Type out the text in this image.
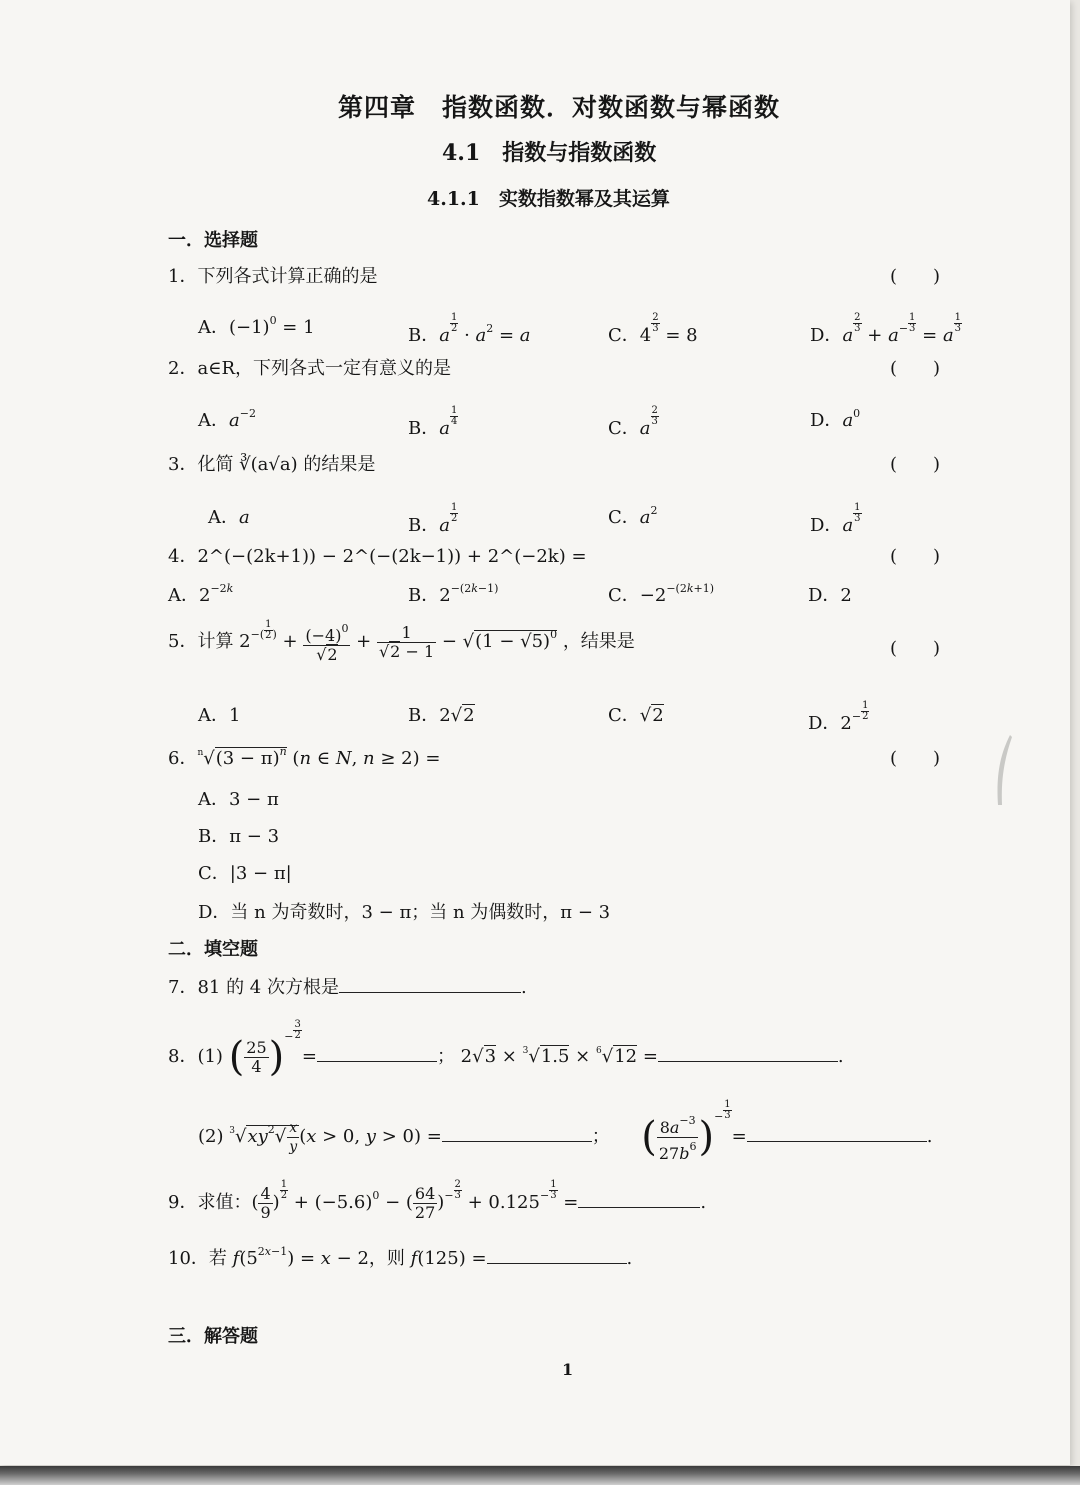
第四章　指数函数．对数函数与幂函数
4.1　指数与指数函数
4.1.1　实数指数幂及其运算
一．选择题
1．下列各式计算正确的是	(　　)
A．$(-1)^0 = 1$	B．a
$\frac{1}{2}$
· $a^2 = a$	C．4
$\frac{2}{3}$
= 8	D．a
$\frac{2}{3}$
+ $a^- \frac{1}{3}$
= a
$\frac{1}{3}$
2．a∈R，下列各式一定有意义的是	(　　)
A．$a^{-2}$
B．a
$\frac{1}{4}$
C．a
$\frac{2}{3}$	D．$a^0$
3．化简 ∛(a√a) 的结果是	(　　)
A．a	B．a
$\frac{1}{2}$	C．$a^2$
D．a
$\frac{1}{3}$
4．2^(−(2k+1)) − 2^(−(2k−1)) + 2^(−2k) =	(　　)
A．$2^{-2k}$	B．$2^{-(2k-1)}$	C．$-2^{-(2k+1)}$	D．2
5．计算 $2^{-( \frac{1}{2} )} + \frac{(-4)^0}{√2} + \frac{1}{√2 - 1} - √(1 - √5)^0$ ，结果是	(　　)
A．1	B．2√2	C．√2	D．$2^- \frac{1}{2}$
6．$^n√(3 - \pi)^n$ (n ∈ N, n ≥ 2) =	(　　)
A．3 − π
B．π − 3
C．|3 − π|
D．当 n 为奇数时，3 − π；当 n 为偶数时，π − 3
二．填空题
7．81 的 4 次方根是	.
8．(1) ( $\frac{25}{4} )^- \frac{3}{2}$
=	； 2√3 × $^3$√1.5 × $^6$√12 =	.
(2) $^3√xy^2√ \frac{x}{y} (x > 0$, y > 0) =	；  ( $\frac{8a^{-3}}{27b^6} )^- \frac{1}{3}$
=	.
9．求值：( $\frac{4}{9}$ )
$\frac{1}{2}$
+ $(-5.6)^0$ − ( $\frac{64}{27} )^- \frac{2}{3}$
+ $0.125^- \frac{1}{3}$
=	.
10．若 $f(5^{2x-1}) = x - 2$，则 f(125) =	.
三．解答题
1
